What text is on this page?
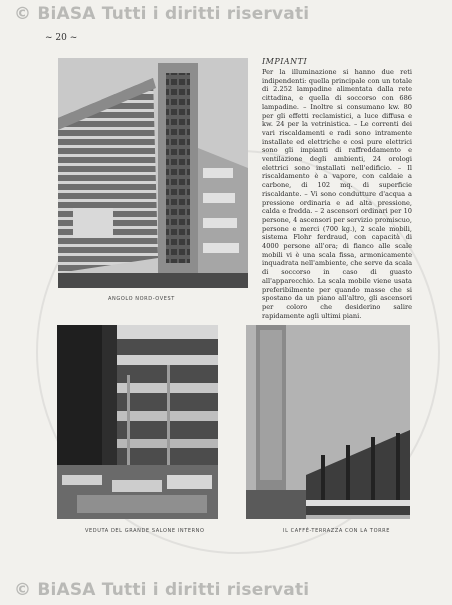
© BiASA Tutti i diritti riservati
~ 20 ~
ANGOLO NORD-OVEST
IMPIANTI
Per la illuminazione si hanno due reti indipendenti: quella principale con un totale di 2.252 lampadine alimentata dalla rete cittadina, e quella di soccorso con 686 lampadine. – Inoltre si consumano kw. 80 per gli effetti reclamistici, a luce diffusa e kw. 24 per la vetrinistica. – Le correnti dei vari riscaldamenti e radi sono intramente installate ed elettriche e così pure elettrici sono gli impianti di raffreddamento e ventilazione degli ambienti, 24 orologi elettrici sono installati nell'edificio. – Il riscaldamento è a vapore, con caldaie a carbone, di 102 mq. di superficie riscaldante. – Vi sono condutture d'acqua a pressione ordinaria e ad alta pressione, calda e fredda. – 2 ascensori ordinari per 10 persone, 4 ascensori per servizio promiscuo, persone e merci (700 kg.), 2 scale mobili, sistema Flohr ferdraud, con capacità di 4000 persone all'ora; di fianco alle scale mobili vi è una scala fissa, armonicamente inquadrata nell'ambiente, che serve da scala di soccorso in caso di guasto all'apparecchio. La scala mobile viene usata preferibilmente per quando masse che si spostano da un piano all'altro, gli ascensori per coloro che desiderino salire rapidamente agli ultimi piani.
VEDUTA DEL GRANDE SALONE INTERNO	IL CAFFÈ-TERRAZZA CON LA TORRE
© BiASA Tutti i diritti riservati
